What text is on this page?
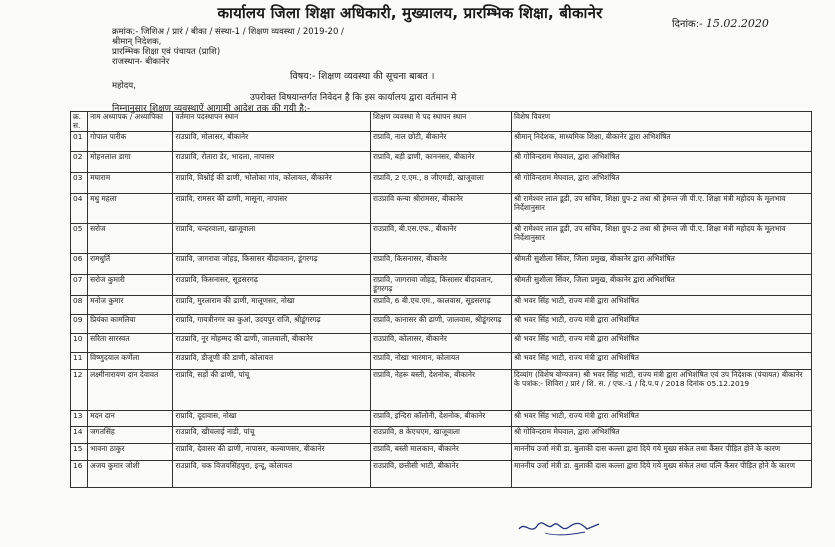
कार्यालय जिला शिक्षा अधिकारी, मुख्यालय, प्रारम्भिक शिक्षा, बीकानेर
दिनांक:- 15.02.2020
क्रमांक:- जिशिअ / प्रारं / बीका / संस्था-1 / शिक्षण व्यवस्था / 2019-20 /
श्रीमान् निदेशक,
प्रारम्भिक शिक्षा एवं पंचायत (प्राशि)
राजस्थान- बीकानेर
महोदय,
विषय:- शिक्षण व्यवस्था की सूचना बाबत ।
उपरोक्त विषयान्तर्गत निवेदन है कि इस कार्यालय द्वारा वर्तमान मे
निम्नानुसार शिक्षण व्यवस्थाऐं आगामी आदेश तक की गयी है:-
क्र. स.	नाम अध्यापक / अध्यापिका	वर्तमान पदस्थापन स्थान	शिक्षण व्यवस्था मे पद स्थापन स्थान	विशेष विवरण
01	गोपाल पारीक	राउप्रावि, मोलासर, बीकानेर	राप्रावि, नाल छोटी, बीकानेर	श्रीमान् निदेशक, माध्यमिक शिक्षा, बीकानेर द्वारा अभिशंषित
02	मोहनलाल डागा	राउप्रावि, रोतारा डेर, भादला, नापासर	राप्रावि, बड़ी ढाणी, काननसर, बीकानेर	श्री गोविन्दराम मेघवाल, द्वारा अभिशंषित
03	मघाराम	राप्रावि, विश्नोई की ढाणी, भोलोका गांव, कोलायत, बीकानेर	राप्रावि, 2 ए.एम., 8 जीएमडी, खाजूवाला	श्री गोविन्दराम मेघवाल, द्वारा अभिशंषित
04	मधु महला	राप्रावि, रामसर की ढाणी, मासूना, नापासर	राउप्रावि कन्या श्रीरामसर, बीकानेर	श्री रामेश्वर लाल डूडी, उप सचिव, शिक्षा ग्रुप-2 तथा श्री हेमन्त जी पी.ए. शिक्षा मंत्री महोदय के मूलभाव निर्देशानुसार
05	सरोज	राप्रावि, चन्दरवाला, खाजूवाला	राउप्रावि, बी.एस.एफ., बीकानेर	श्री रामेश्वर लाल डूडी, उप सचिव, शिक्षा ग्रुप-2 तथा श्री हेमन्त जी पी.ए. शिक्षा मंत्री महोदय के मूलभाव निर्देशानुसार
06	रामधुर्ति	राप्रावि, जागरावा जोहड़, किसासर बीदावतान, डूंगरगढ़	राप्रावि, किसनासर, बीकानेर	श्रीमती सुशीला सिंवर, जिला प्रमुख, बीकानेर द्वारा अभिशंषित
07	सरोज कुमारी	राउप्रावि, किसनासर, सूडसरगढ़	राप्रावि, जागरावा जोहड़, किसासर बीदावतान, डूंगरगढ़	श्रीमती सुशीला सिंवर, जिला प्रमुख, बीकानेर द्वारा अभिशंषित
08	मनोज कुमार	राप्रावि, मुरलाराम की ढाणी, मालूणसर, नोखा	राप्रावि, 6 बी.एच.एम., कालवास, सूडसरगढ़	श्री भवर सिंह भाटी, राज्य मंत्री द्वारा अभिशंषित
09	प्रियंका कामलिया	राप्रावि, गायत्रीनगर का कुआं, उदयपुर राजि, श्रीडूंगरगढ़	राप्रावि, कानासर की ढाणी, जालवास, श्रीडूंगरगढ़	श्री भवर सिंह भाटी, राज्य मंत्री द्वारा अभिशंषित
10	सरिता सारस्वत	राउप्रावि, नूर मोहम्मद की ढाणी, जालवाली, बीकानेर	राउप्रावि, कोलासर, बीकानेर	श्री भवर सिंह भाटी, राज्य मंत्री द्वारा अभिशंषित
11	विष्णुदयाल कर्णेला	राउप्रावि, डीजूणी की डाणी, कोलायत	राप्रावि, नोखा भारमान, कोलायत	श्री भवर सिंह भाटी, राज्य मंत्री द्वारा अभिशंषित
12	लक्ष्मीनारायण दान देवावत	राप्रावि, सड़ों की ढाणी, पांचू	राप्रावि, नेहरू बस्ती, देशनोक, बीकानेर	दिव्यांग (विशेष योग्यजन) श्री भवर सिंह भाटी, राज्य मंत्री द्वारा अभिशंषित एवं उप निदेशक (पंचायत) बीकानेर के पत्रांक:- शिविरा / प्रारं / शि. स. / एफ.-1 / दि.प.प / 2018 दिनांक 05.12.2019
13	मदन दान	राप्रावि, दूदावास, नोखा	राप्रावि, इन्दिरा कॉलोनी, देशनोक, बीकानेर	श्री भवर सिंह भाटी, राज्य मंत्री द्वारा अभिशंषित
14	जगतसिंह	राउप्रावि, खीचलाई नाडी, पांचू	राउप्रावि, 8 केएचएम, खाजूवाला	श्री गोविन्दराम मेघवाल, द्वारा अभिशंषित
15	भावना ठाकुर	राप्रावि, देवासर की ढाणी, नापासर, कल्याणसर, बीकानेर	राप्रावि, बस्ती मालकान, बीकानेर	माननीय उर्जा मंत्री डा. बुलाकी दास कल्ला द्वारा दिये गये मुख्य संकेत तथा कैंसर पीड़ित होने के कारण
16	अजय कुमार जोशी	राउप्रावि, चक विजयसिंहपुरा, इन्दू, कोलायत	राउप्रावि, छत्तीसी भाटी, बीकानेर	माननीय उर्जा मंत्री डा. बुलाकी दास कल्ला द्वारा दिये गये मुख्य संकेत तथा पत्नि कैंसर पीड़ित होने के कारण
